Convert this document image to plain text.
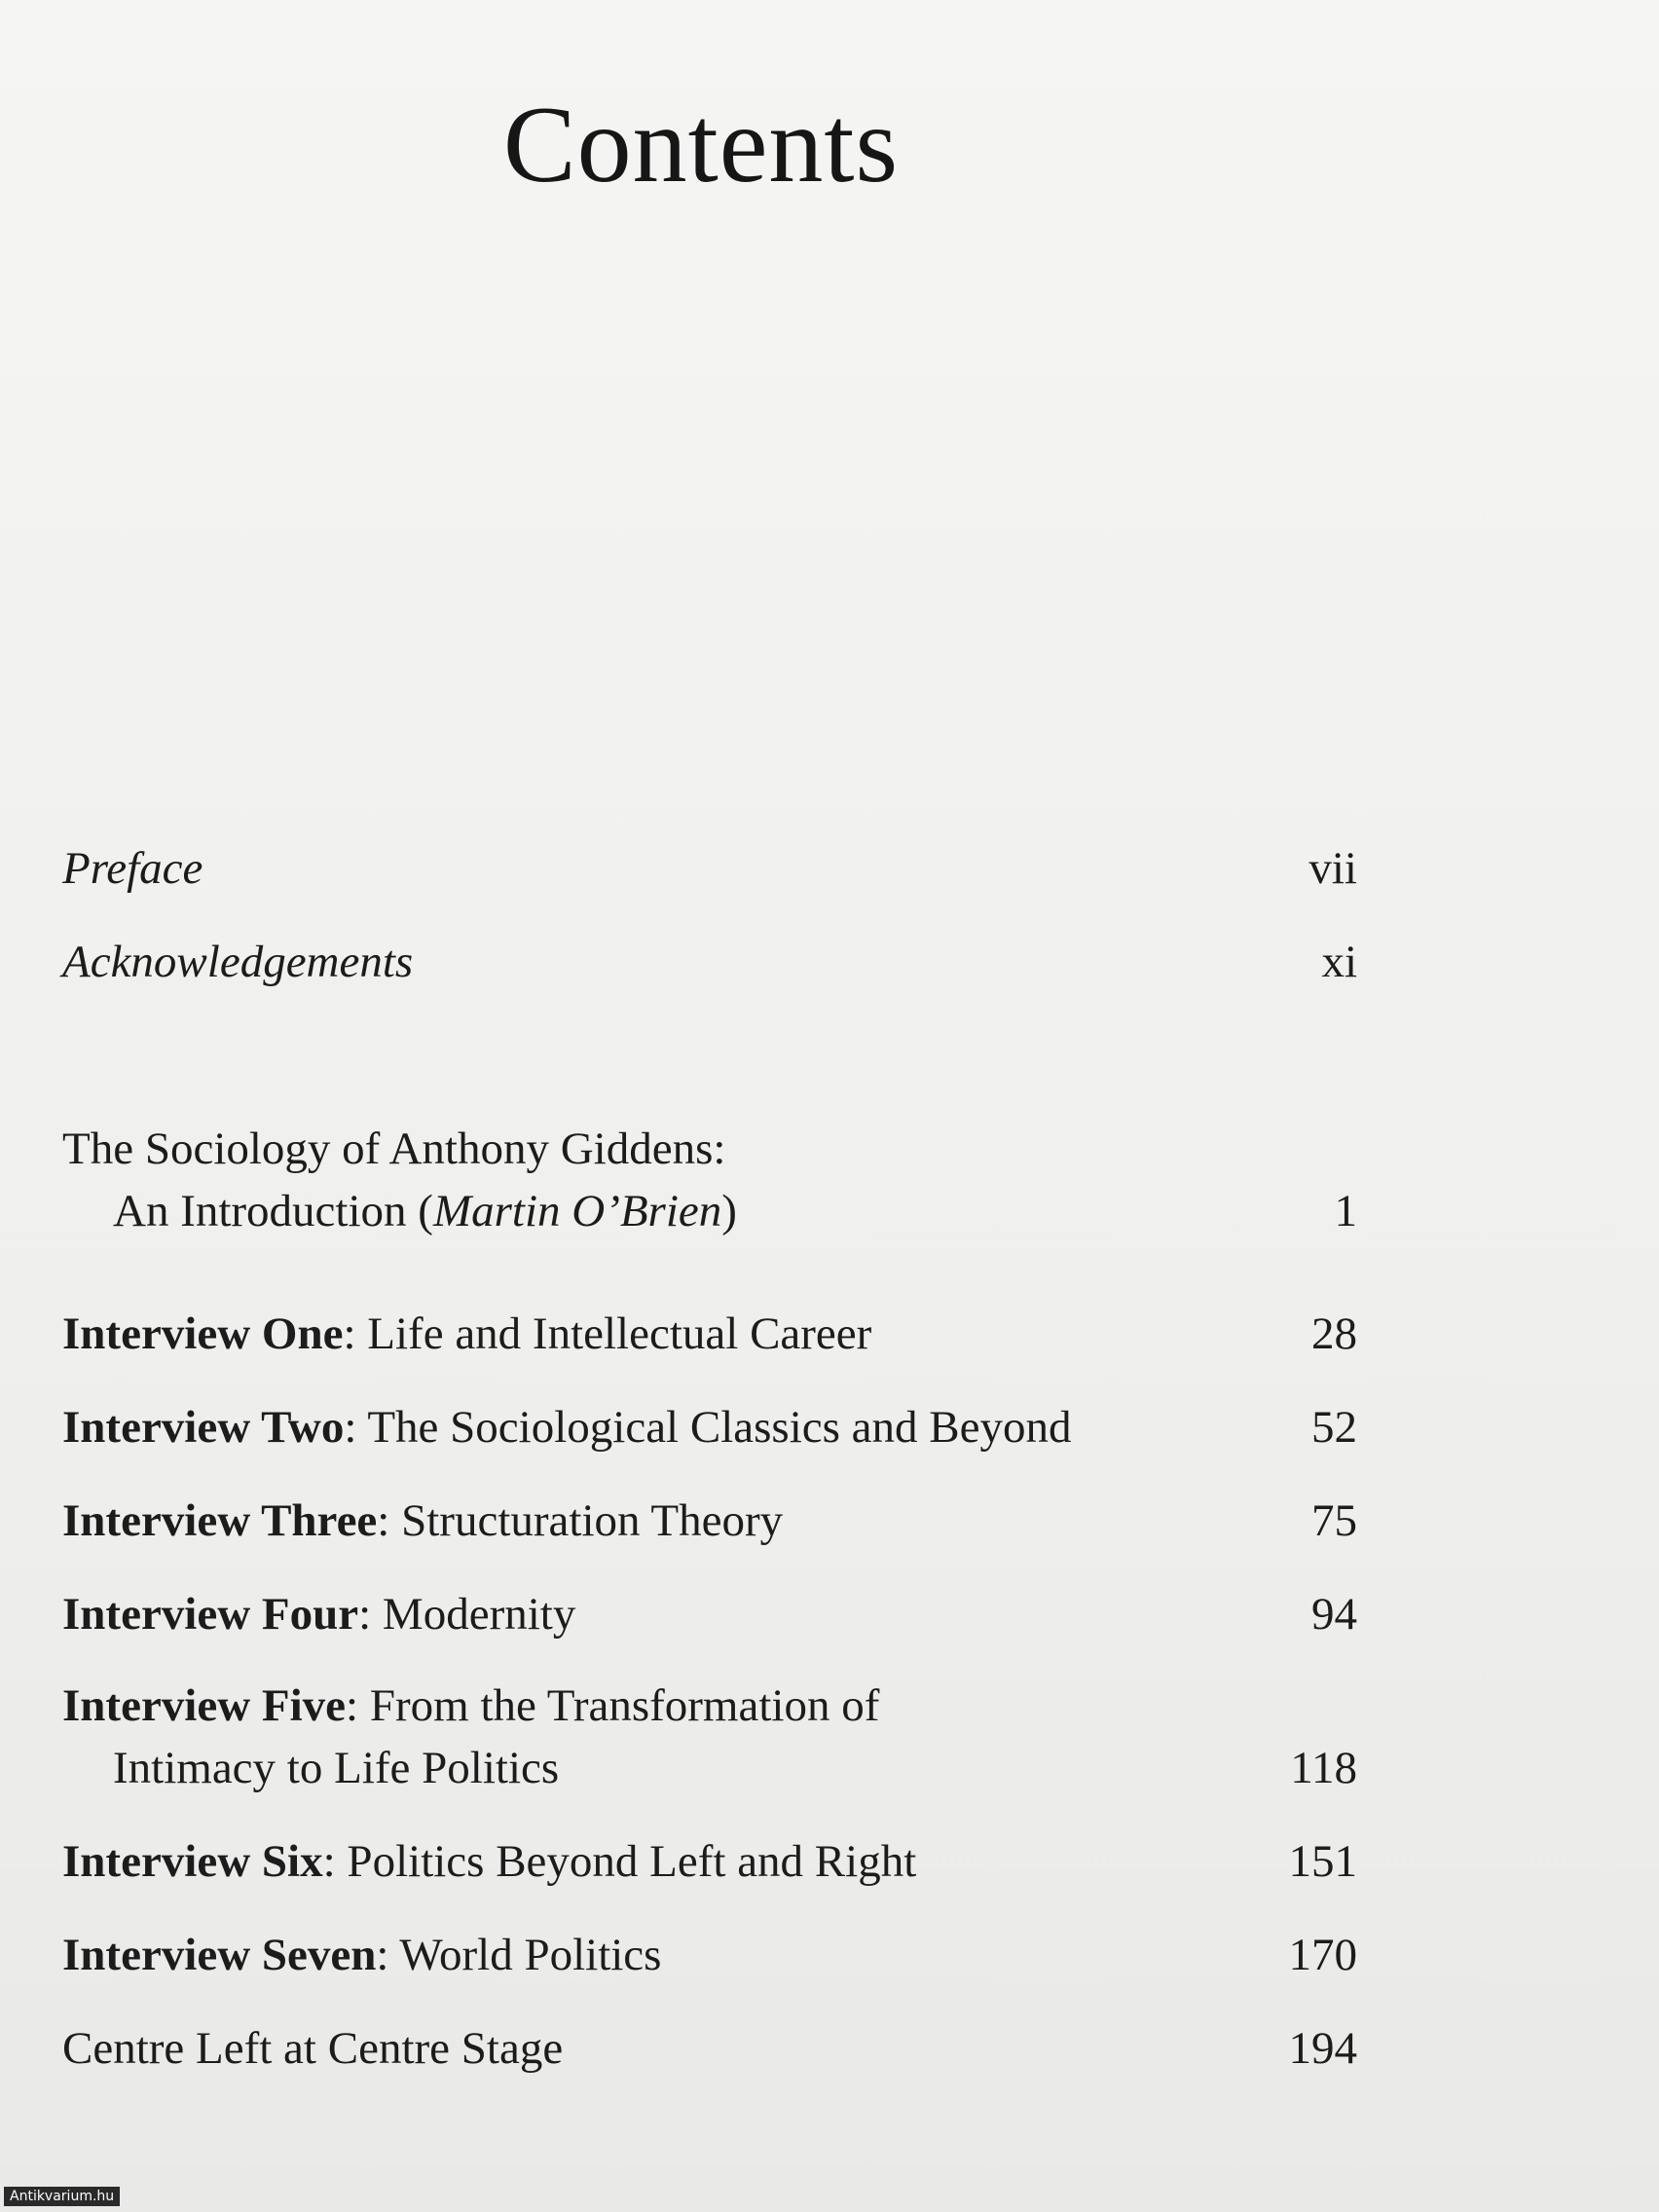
Contents
Preface	vii
Acknowledgements	xi
The Sociology of Anthony Giddens:
An Introduction (Martin O’Brien)	1
Interview One: Life and Intellectual Career	28
Interview Two: The Sociological Classics and Beyond	52
Interview Three: Structuration Theory	75
Interview Four: Modernity	94
Interview Five: From the Transformation of
Intimacy to Life Politics	118
Interview Six: Politics Beyond Left and Right	151
Interview Seven: World Politics	170
Centre Left at Centre Stage	194
Antikvarium.hu
